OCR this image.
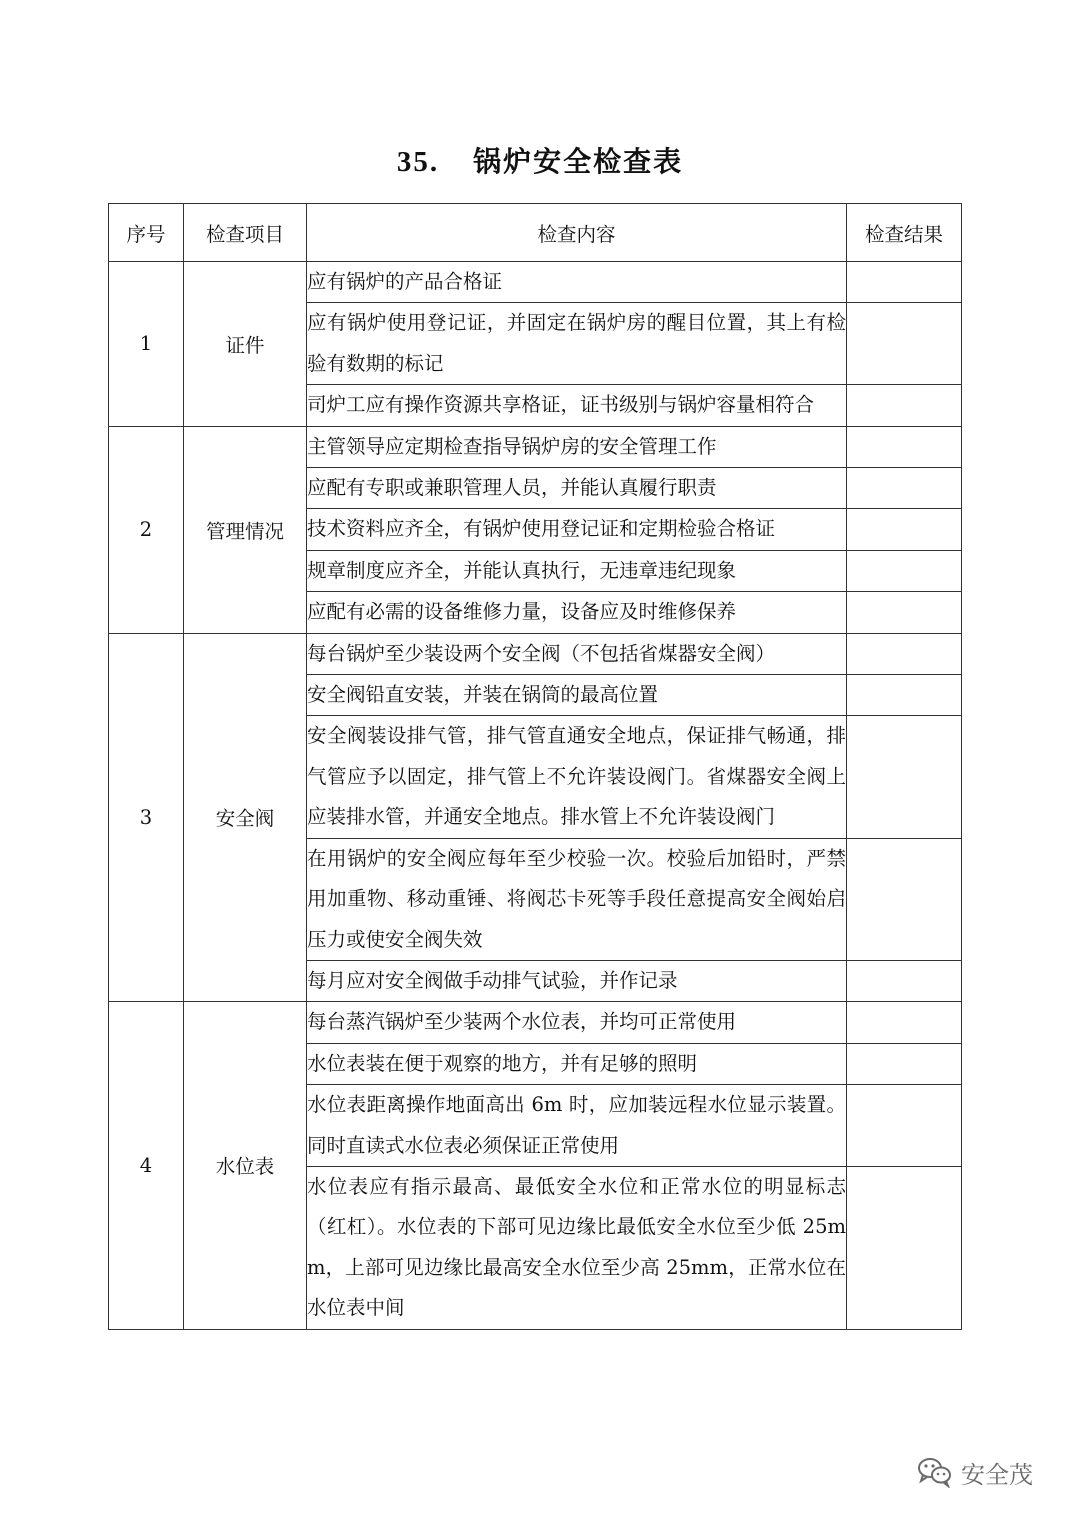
35. 锅炉安全检查表
序号	检查项目	检查内容	检查结果
1	证件	应有锅炉的产品合格证	
		应有锅炉使用登记证，并固定在锅炉房的醒目位置，其上有检验有数期的标记	
		司炉工应有操作资源共享格证，证书级别与锅炉容量相符合	
2	管理情况	主管领导应定期检查指导锅炉房的安全管理工作	
		应配有专职或兼职管理人员，并能认真履行职责	
		技术资料应齐全，有锅炉使用登记证和定期检验合格证	
		规章制度应齐全，并能认真执行，无违章违纪现象	
		应配有必需的设备维修力量，设备应及时维修保养	
3	安全阀	每台锅炉至少装设两个安全阀（不包括省煤器安全阀）	
		安全阀铅直安装，并装在锅筒的最高位置	
		安全阀装设排气管，排气管直通安全地点，保证排气畅通，排气管应予以固定，排气管上不允许装设阀门。省煤器安全阀上应装排水管，并通安全地点。排水管上不允许装设阀门	
		在用锅炉的安全阀应每年至少校验一次。校验后加铅时，严禁用加重物、移动重锤、将阀芯卡死等手段任意提高安全阀始启压力或使安全阀失效	
		每月应对安全阀做手动排气试验，并作记录	
4	水位表	每台蒸汽锅炉至少装两个水位表，并均可正常使用	
		水位表装在便于观察的地方，并有足够的照明	
		水位表距离操作地面高出 6m 时，应加装远程水位显示装置。同时直读式水位表必须保证正常使用	
		水位表应有指示最高、最低安全水位和正常水位的明显标志（红杠）。水位表的下部可见边缘比最低安全水位至少低 25mm，上部可见边缘比最高安全水位至少高 25mm，正常水位在水位表中间	
安全茂
